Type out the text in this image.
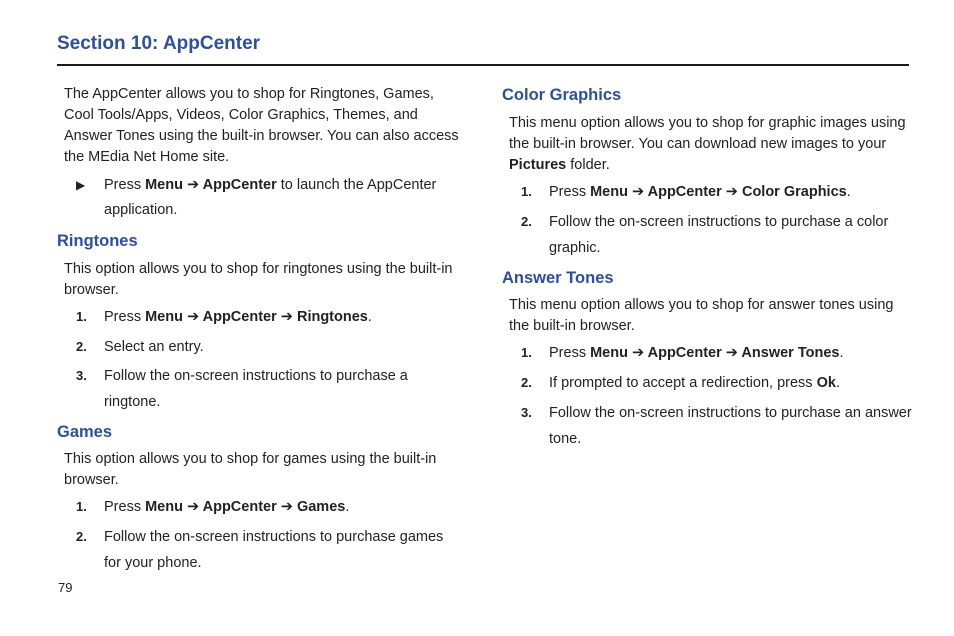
Section 10: AppCenter

The AppCenter allows you to shop for Ringtones, Games, Cool Tools/Apps, Videos, Color Graphics, Themes, and Answer Tones using the built-in browser. You can also access the MEdia Net Home site.

▶	Press Menu ➔ AppCenter to launch the AppCenter application.
Ringtones

This option allows you to shop for ringtones using the built-in browser.

1.	Press Menu ➔ AppCenter ➔ Ringtones.
2.	Select an entry.
3.	Follow the on-screen instructions to purchase a ringtone.
Games

This option allows you to shop for games using the built-in browser.

1.	Press Menu ➔ AppCenter ➔ Games.
2.	Follow the on-screen instructions to purchase games for your phone.
Color Graphics

This menu option allows you to shop for graphic images using the built-in browser. You can download new images to your Pictures folder.

1.	Press Menu ➔ AppCenter ➔ Color Graphics.
2.	Follow the on-screen instructions to purchase a color graphic.
Answer Tones

This menu option allows you to shop for answer tones using the built-in browser.

1.	Press Menu ➔ AppCenter ➔ Answer Tones.
2.	If prompted to accept a redirection, press Ok.
3.	Follow the on-screen instructions to purchase an answer tone.
79
